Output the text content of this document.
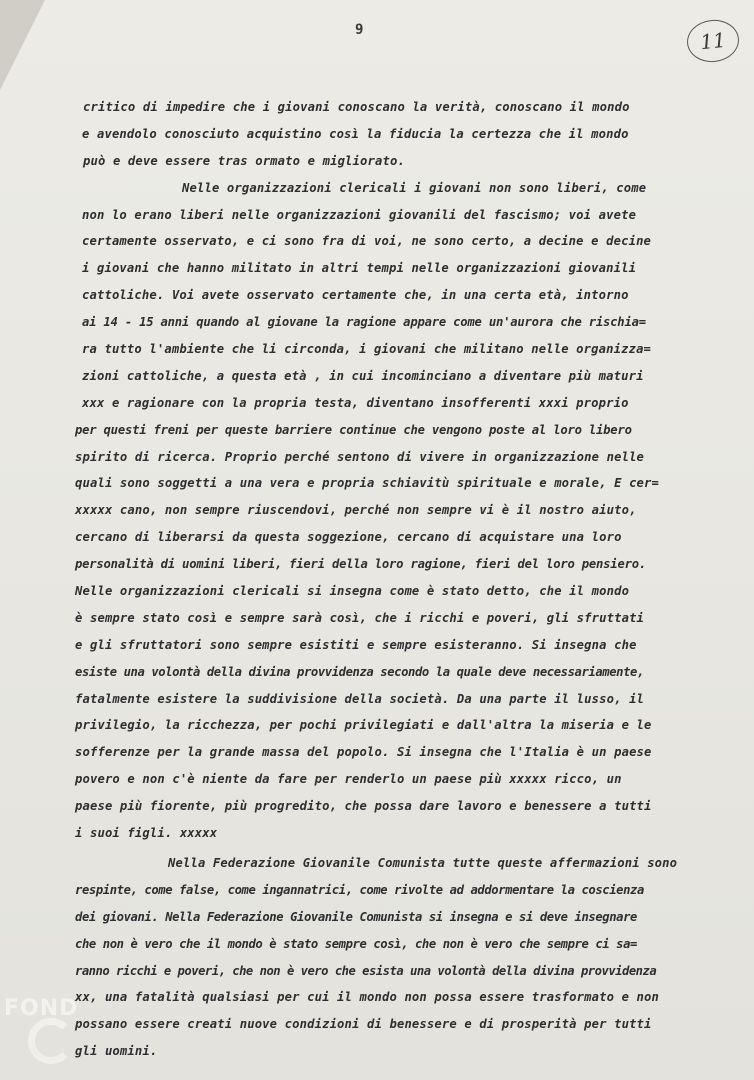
9	11
critico di impedire che i giovani conoscano la verità, conoscano il mondo
e avendolo conosciuto acquistino così la fiducia la certezza che il mondo
può e deve essere tras ormato e migliorato.
Nelle organizzazioni clericali i giovani non sono liberi, come
non lo erano liberi nelle organizzazioni giovanili del fascismo; voi avete
certamente osservato, e ci sono fra di voi, ne sono certo, a decine e decine
i giovani che hanno militato in altri tempi nelle organizzazioni giovanili
cattoliche. Voi avete osservato certamente che, in una certa età, intorno
ai 14 - 15 anni quando al giovane la ragione appare come un'aurora che rischia=
ra tutto l'ambiente che li circonda, i giovani che militano nelle organizza=
zioni cattoliche, a questa età , in cui incominciano a diventare più maturi
xxx e ragionare con la propria testa, diventano insofferenti xxxi proprio
per questi freni per queste barriere continue che vengono poste al loro libero
spirito di ricerca. Proprio perché sentono di vivere in organizzazione nelle
quali sono soggetti a una vera e propria schiavitù spirituale e morale, E cer=
xxxxx cano, non sempre riuscendovi, perché non sempre vi è il nostro aiuto,
cercano di liberarsi da questa soggezione, cercano di acquistare una loro
personalità di uomini liberi, fieri della loro ragione, fieri del loro pensiero.
Nelle organizzazioni clericali si insegna come è stato detto, che il mondo
è sempre stato così e sempre sarà così, che i ricchi e poveri, gli sfruttati
e gli sfruttatori sono sempre esistiti e sempre esisteranno. Si insegna che
esiste una volontà della divina provvidenza secondo la quale deve necessariamente,
fatalmente esistere la suddivisione della società. Da una parte il lusso, il
privilegio, la ricchezza, per pochi privilegiati e dall'altra la miseria e le
sofferenze per la grande massa del popolo. Si insegna che l'Italia è un paese
povero e non c'è niente da fare per renderlo un paese più xxxxx ricco, un
paese più fiorente, più progredito, che possa dare lavoro e benessere a tutti
i suoi figli. xxxxx
Nella Federazione Giovanile Comunista tutte queste affermazioni sono
respinte, come false, come ingannatrici, come rivolte ad addormentare la coscienza
dei giovani. Nella Federazione Giovanile Comunista si insegna e si deve insegnare
che non è vero che il mondo è stato sempre così, che non è vero che sempre ci sa=
ranno ricchi e poveri, che non è vero che esista una volontà della divina provvidenza
xx, una fatalità qualsiasi per cui il mondo non possa essere trasformato e non
possano essere creati nuove condizioni di benessere e di prosperità per tutti
gli uomini.
FOND
